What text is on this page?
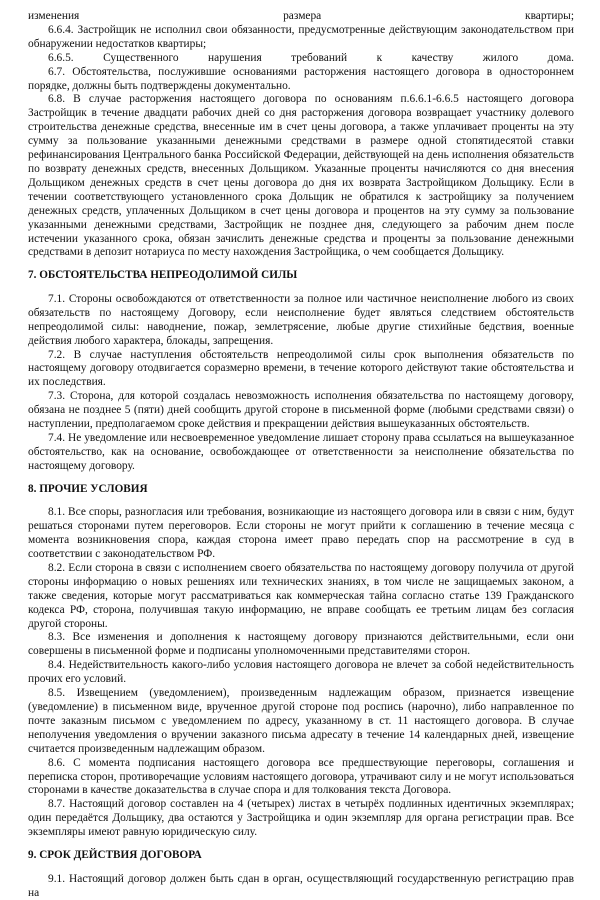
изменения размера квартиры;

6.6.4. Застройщик не исполнил свои обязанности, предусмотренные действующим законодательством при обнаружении недостатков квартиры;

6.6.5. Существенного нарушения требований к качеству жилого дома.

6.7. Обстоятельства, послужившие основаниями расторжения настоящего договора в одностороннем порядке, должны быть подтверждены документально.

6.8. В случае расторжения настоящего договора по основаниям п.6.6.1-6.6.5 настоящего договора Застройщик в течение двадцати рабочих дней со дня расторжения договора возвращает участнику долевого строительства денежные средства, внесенные им в счет цены договора, а также уплачивает проценты на эту сумму за пользование указанными денежными средствами в размере одной стопятидесятой ставки рефинансирования Центрального банка Российской Федерации, действующей на день исполнения обязательств по возврату денежных средств, внесенных Дольщиком. Указанные проценты начисляются со дня внесения Дольщиком денежных средств в счет цены договора до дня их возврата Застройщиком Дольщику. Если в течении соответствующего установленного срока Дольщик не обратился к застройщику за получением денежных средств, уплаченных Дольщиком в счет цены договора и процентов на эту сумму за пользование указанными денежными средствами, Застройщик не позднее дня, следующего за рабочим днем после истечении указанного срока, обязан зачислить денежные средства и проценты за пользование денежными средствами в депозит нотариуса по месту нахождения Застройщика, о чем сообщается Дольщику.

7. ОБСТОЯТЕЛЬСТВА НЕПРЕОДОЛИМОЙ СИЛЫ

7.1. Стороны освобождаются от ответственности за полное или частичное неисполнение любого из своих обязательств по настоящему Договору, если неисполнение будет являться следствием обстоятельств непреодолимой силы: наводнение, пожар, землетрясение, любые другие стихийные бедствия, военные действия любого характера, блокады, запрещения.

7.2. В случае наступления обстоятельств непреодолимой силы срок выполнения обязательств по настоящему договору отодвигается соразмерно времени, в течение которого действуют такие обстоятельства и их последствия.

7.3. Сторона, для которой создалась невозможность исполнения обязательства по настоящему договору, обязана не позднее 5 (пяти) дней сообщить другой стороне в письменной форме (любыми средствами связи) о наступлении, предполагаемом сроке действия и прекращении действия вышеуказанных обстоятельств.

7.4. Не уведомление или несвоевременное уведомление лишает сторону права ссылаться на вышеуказанное обстоятельство, как на основание, освобождающее от ответственности за неисполнение обязательства по настоящему договору.

8. ПРОЧИЕ УСЛОВИЯ

8.1. Все споры, разногласия или требования, возникающие из настоящего договора или в связи с ним, будут решаться сторонами путем переговоров. Если стороны не могут прийти к соглашению в течение месяца с момента возникновения спора, каждая сторона имеет право передать спор на рассмотрение в суд в соответствии с законодательством РФ.

8.2. Если сторона в связи с исполнением своего обязательства по настоящему договору получила от другой стороны информацию о новых решениях или технических знаниях, в том числе не защищаемых законом, а также сведения, которые могут рассматриваться как коммерческая тайна согласно статье 139 Гражданского кодекса РФ, сторона, получившая такую информацию, не вправе сообщать ее третьим лицам без согласия другой стороны.

8.3. Все изменения и дополнения к настоящему договору признаются действительными, если они совершены в письменной форме и подписаны уполномоченными представителями сторон.

8.4. Недействительность какого-либо условия настоящего договора не влечет за собой недействительность прочих его условий.

8.5. Извещением (уведомлением), произведенным надлежащим образом, признается извещение (уведомление) в письменном виде, врученное другой стороне под роспись (нарочно), либо направленное по почте заказным письмом с уведомлением по адресу, указанному в ст. 11 настоящего договора. В случае неполучения уведомления о вручении заказного письма адресату в течение 14 календарных дней, извещение считается произведенным надлежащим образом.

8.6. С момента подписания настоящего договора все предшествующие переговоры, соглашения и переписка сторон, противоречащие условиям настоящего договора, утрачивают силу и не могут использоваться сторонами в качестве доказательства в случае спора и для толкования текста Договора.

8.7. Настоящий договор составлен на 4 (четырех) листах в четырёх подлинных идентичных экземплярах; один передаётся Дольщику, два остаются у Застройщика и один экземпляр для органа регистрации прав. Все экземпляры имеют равную юридическую силу.

9. СРОК ДЕЙСТВИЯ ДОГОВОРА

9.1. Настоящий договор должен быть сдан в орган, осуществляющий государственную регистрацию прав на
